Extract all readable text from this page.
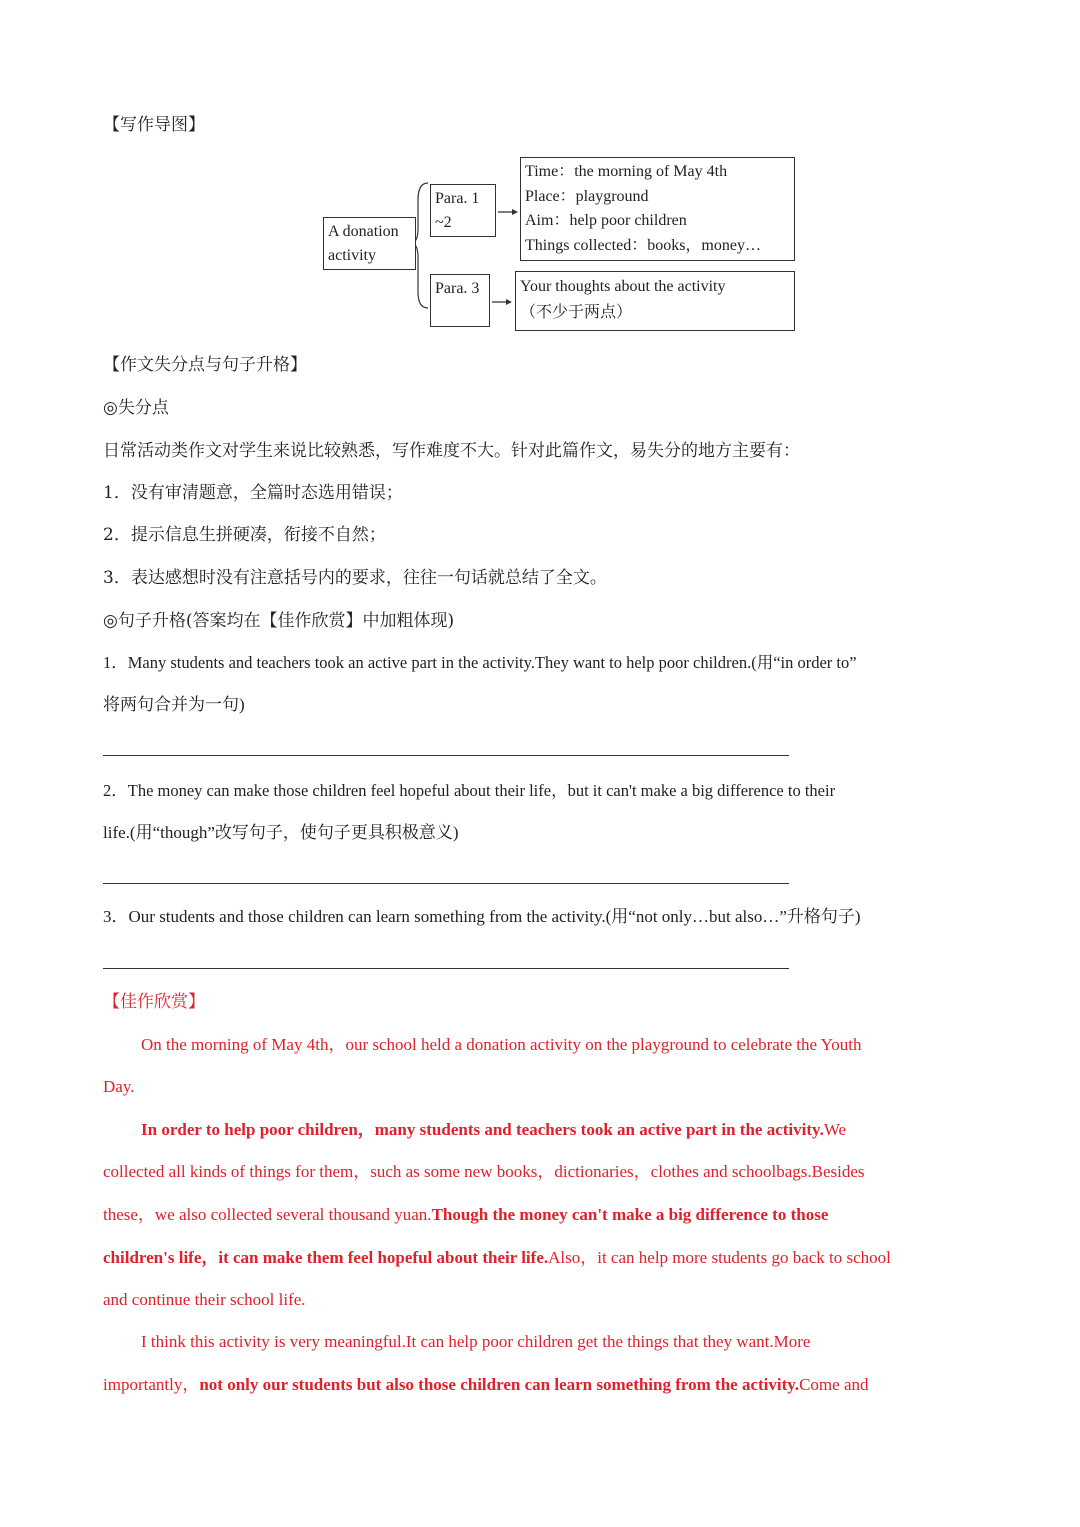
【写作导图】
A donation activity
Para. 1 ~2
Time：the morning of May 4th
Place：playground
Aim：help poor children
Things collected：books，money…
Para. 3	Your thoughts about the activity
（不少于两点）
【作文失分点与句子升格】
◎失分点
日常活动类作文对学生来说比较熟悉，写作难度不大。针对此篇作文，易失分的地方主要有：
1．没有审清题意，全篇时态选用错误；
2．提示信息生拼硬凑，衔接不自然；
3．表达感想时没有注意括号内的要求，往往一句话就总结了全文。
◎句子升格(答案均在【佳作欣赏】中加粗体现)
1．Many students and teachers took an active part in the activity.They want to help poor children.(用“in order to”
将两句合并为一句)
2．The money can make those children feel hopeful about their life，but it can't make a big difference to their
life.(用“though”改写句子，使句子更具积极意义)
3．Our students and those children can learn something from the activity.(用“not only…but also…”升格句子)
【佳作欣赏】
On the morning of May 4th，our school held a donation activity on the playground to celebrate the Youth
Day.
In order to help poor children，many students and teachers took an active part in the activity.We
collected all kinds of things for them，such as some new books，dictionaries，clothes and schoolbags.Besides
these，we also collected several thousand yuan.Though the money can't make a big difference to those
children's life，it can make them feel hopeful about their life.Also，it can help more students go back to school
and continue their school life.
I think this activity is very meaningful.It can help poor children get the things that they want.More
importantly，not only our students but also those children can learn something from the activity.Come and
